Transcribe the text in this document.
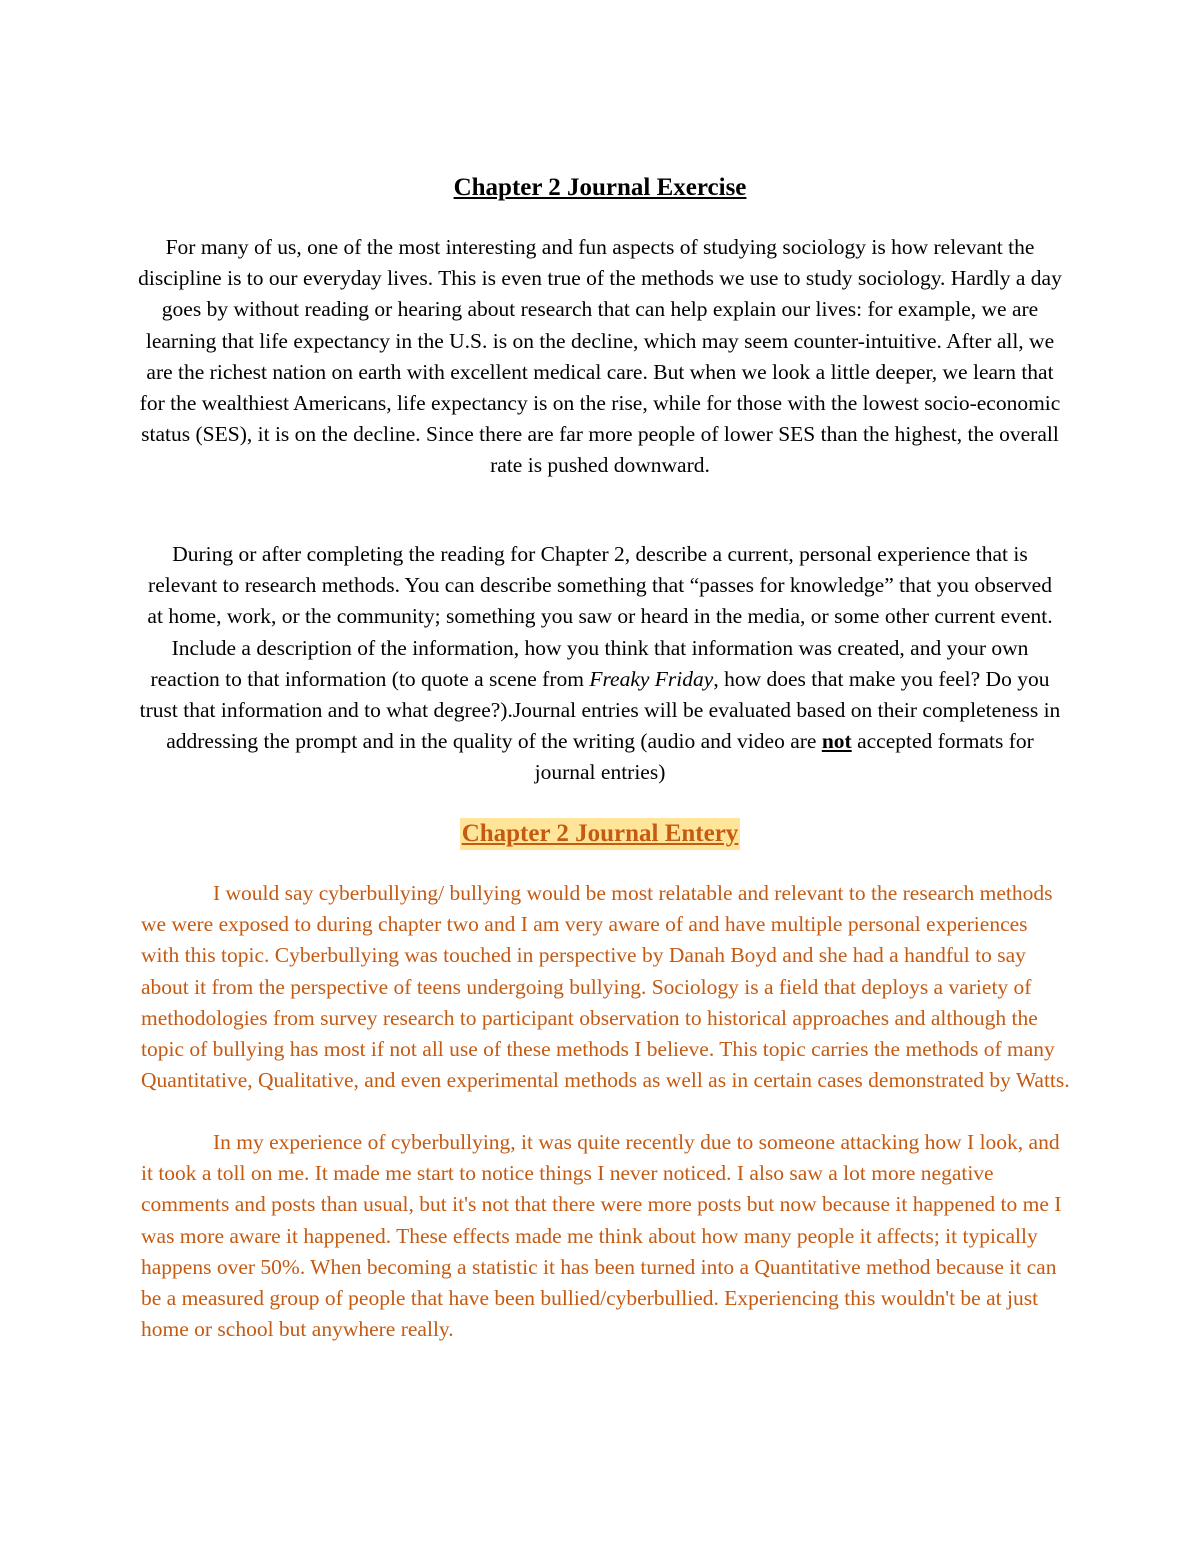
Chapter 2 Journal Exercise

For many of us, one of the most interesting and fun aspects of studying sociology is how relevant the discipline is to our everyday lives. This is even true of the methods we use to study sociology. Hardly a day goes by without reading or hearing about research that can help explain our lives: for example, we are learning that life expectancy in the U.S. is on the decline, which may seem counter-intuitive. After all, we are the richest nation on earth with excellent medical care. But when we look a little deeper, we learn that for the wealthiest Americans, life expectancy is on the rise, while for those with the lowest socio-economic status (SES), it is on the decline. Since there are far more people of lower SES than the highest, the overall rate is pushed downward.

During or after completing the reading for Chapter 2, describe a current, personal experience that is relevant to research methods. You can describe something that “passes for knowledge” that you observed at home, work, or the community; something you saw or heard in the media, or some other current event. Include a description of the information, how you think that information was created, and your own reaction to that information (to quote a scene from Freaky Friday, how does that make you feel? Do you trust that information and to what degree?).Journal entries will be evaluated based on their completeness in addressing the prompt and in the quality of the writing (audio and video are not accepted formats for journal entries)

Chapter 2 Journal Entery

I would say cyberbullying/ bullying would be most relatable and relevant to the research methods we were exposed to during chapter two and I am very aware of and have multiple personal experiences with this topic. Cyberbullying was touched in perspective by Danah Boyd and she had a handful to say about it from the perspective of teens undergoing bullying. Sociology is a field that deploys a variety of methodologies from survey research to participant observation to historical approaches and although the topic of bullying has most if not all use of these methods I believe. This topic carries the methods of many Quantitative, Qualitative, and even experimental methods as well as in certain cases demonstrated by Watts.

In my experience of cyberbullying, it was quite recently due to someone attacking how I look, and it took a toll on me. It made me start to notice things I never noticed. I also saw a lot more negative comments and posts than usual, but it's not that there were more posts but now because it happened to me I was more aware it happened. These effects made me think about how many people it affects; it typically happens over 50%. When becoming a statistic it has been turned into a Quantitative method because it can be a measured group of people that have been bullied/cyberbullied. Experiencing this wouldn't be at just home or school but anywhere really.
